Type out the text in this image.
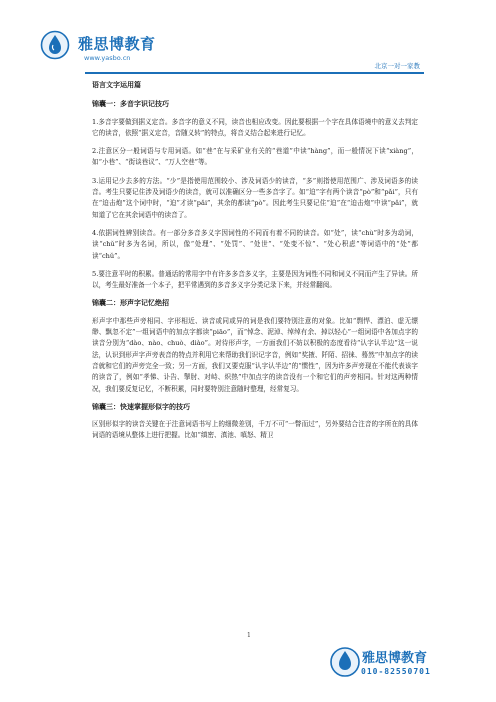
雅思博教育
www.yasbo.cn
北京一对一家教
语言文字运用篇
锦囊一：多音字识记技巧

1.多音字要做到据义定音。多音字的意义不同，读音也相应改变。因此要根据一个字在具体语境中的意义去判定它的读音，依照“据义定音，音随义转”的特点，将音义结合起来进行记忆。

2.注意区分一般词语与专用词语。如“巷”在与采矿业有关的“巷道”中读“hàng”，而一般情况下读“xiàng”，如“小巷”、“街谈巷议”、“万人空巷”等。

3.运用记少去多的方法。“少”是指使用范围较小、涉及词语少的读音，“多”则指使用范围广、涉及词语多的读音。考生只要记住涉及词语少的读音，就可以准确区分一些多音字了。如“迫”字有两个读音“pò”和“pǎi”，只有在“迫击炮”这个词中时，“迫”才读“pǎi”，其余的都读“pò”。因此考生只要记住“迫”在“迫击炮”中读“pǎi”，就知道了它在其余词语中的读音了。

4.依据词性辨别读音。有一部分多音多义字因词性的不同而有着不同的读音。如“处”，读“chù”时多为动词，读“chǔ”时多为名词，所以，像“处理”、“处罚”、“处世”、“处变不惊”、“处心积虑”等词语中的“处”都读“chǔ”。

5.要注意平时的积累。普通话的常用字中有许多多音多义字，主要是因为词性不同和词义不同而产生了异读。所以，考生最好准备一个本子，把平常遇到的多音多义字分类记录下来，并经常翻阅。

锦囊二：形声字记忆绝招

形声字中那些声旁相同、字形相近、读音或同或异的词是我们要特别注意的对象。比如“剽悍、漂泊、虚无缥缈、飘忽不定”一组词语中的加点字都读“piāo”，而“悼念、泥淖、绰绰有余、掉以轻心”一组词语中各加点字的读音分别为“dào、nào、chuò、diào”。对待形声字，一方面我们不妨以积极的态度看待“认字认半边”这一说法，认识到形声字声旁表音的特点并利用它来帮助我们识记字音，例如“奖掖、阡陌、招徕、蓦然”中加点字的读音就和它们的声旁完全一致；另一方面，我们又要克服“认字认半边”的“惯性”，因为许多声旁现在不能代表该字的读音了，例如“孝悌、讣告、掣肘、对峙、炽热”中加点字的读音没有一个和它们的声旁相同。针对这两种情况，我们要反复记忆，不断积累，同时要特别注意随时整理，经常复习。

锦囊三：快速掌握形似字的技巧

区别形似字的读音关键在于注意词语书写上的细微差别，千万不可“一瞥而过”，另外要结合注音的字所在的具体词语的语境从整体上进行把握。比如“缜密、滇池、嗔怒、精卫

1
雅思博教育
010-82550701
